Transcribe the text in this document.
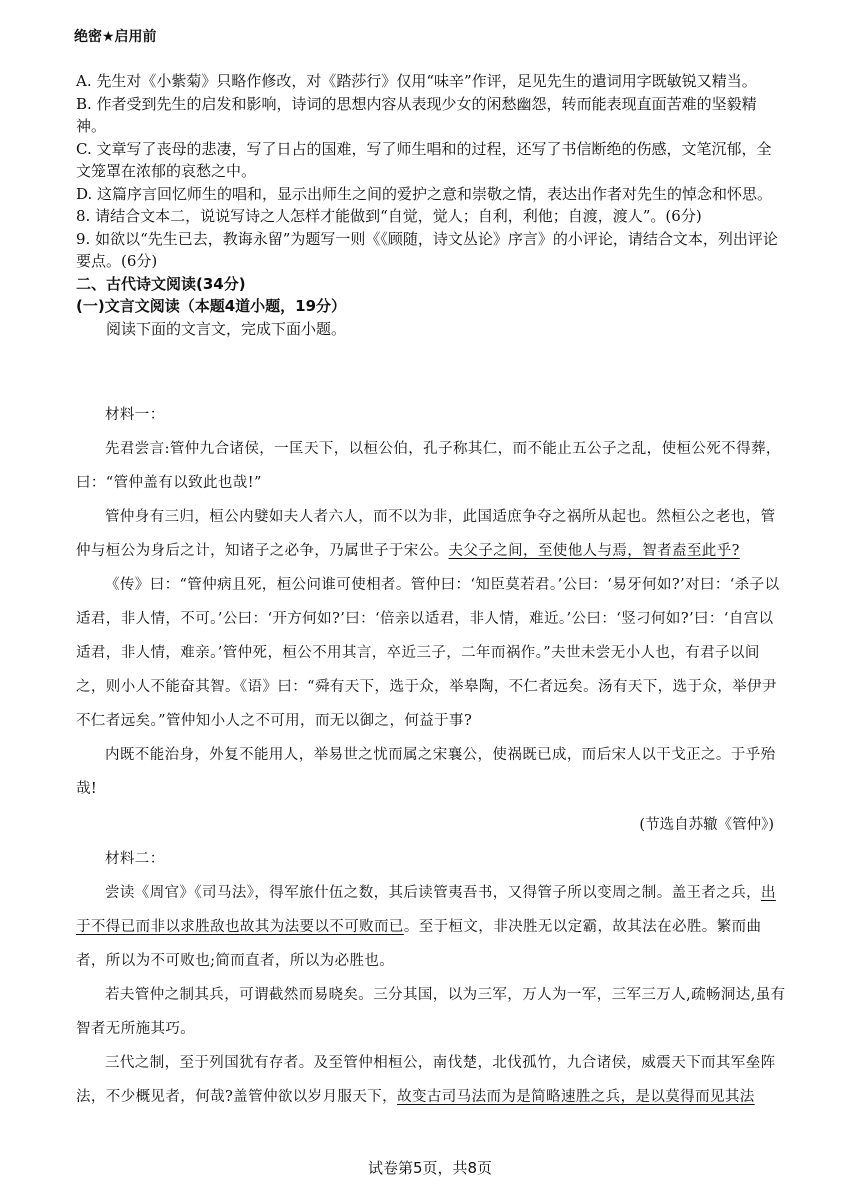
绝密★启用前

A. 先生对《小紫菊》只略作修改，对《踏莎行》仅用“味辛”作评，足见先生的遣词用字既敏锐又精当。

B. 作者受到先生的启发和影响，诗词的思想内容从表现少女的闲愁幽怨，转而能表现直面苦难的坚毅精神。

C. 文章写了丧母的悲凄，写了日占的国难，写了师生唱和的过程，还写了书信断绝的伤感，文笔沉郁，全文笼罩在浓郁的哀愁之中。

D. 这篇序言回忆师生的唱和，显示出师生之间的爱护之意和崇敬之情，表达出作者对先生的悼念和怀思。

8. 请结合文本二，说说写诗之人怎样才能做到“自觉，觉人；自利，利他；自渡，渡人”。(6分)

9. 如欲以“先生已去，教诲永留”为题写一则《《顾随，诗文丛论》序言》的小评论，请结合文本，列出评论要点。(6分)

二、古代诗文阅读(34分)

(一)文言文阅读（本题4道小题，19分）

阅读下面的文言文，完成下面小题。

材料一：

先君尝言:管仲九合诸侯，一匡天下，以桓公伯，孔子称其仁，而不能止五公子之乱，使桓公死不得葬，曰：“管仲盖有以致此也哉!”

管仲身有三归，桓公内嬖如夫人者六人，而不以为非，此国适庶争夺之祸所从起也。然桓公之老也，管仲与桓公为身后之计，知诸子之必争，乃属世子于宋公。夫父子之间，至使他人与焉，智者盍至此乎?

《传》曰：“管仲病且死，桓公问谁可使相者。管仲曰：‘知臣莫若君。’公曰：‘易牙何如?’对曰：‘杀子以适君，非人情，不可。’公曰：‘开方何如?’曰：‘倍亲以适君，非人情，难近。’公曰：‘竖刁何如?’曰：‘自宫以适君，非人情，难亲。’管仲死，桓公不用其言，卒近三子，二年而祸作。”夫世未尝无小人也，有君子以间之，则小人不能奋其智。《语》曰：“舜有天下，选于众，举皋陶，不仁者远矣。汤有天下，选于众，举伊尹不仁者远矣。”管仲知小人之不可用，而无以御之，何益于事?

内既不能治身，外复不能用人，举易世之忧而属之宋襄公，使祸既已成，而后宋人以干戈正之。于乎殆哉!

(节选自苏辙《管仲》)

材料二：

尝读《周官》《司马法》，得军旅什伍之数，其后读管夷吾书，又得管子所以变周之制。盖王者之兵，出于不得已而非以求胜敌也故其为法要以不可败而已。至于桓文，非决胜无以定霸，故其法在必胜。繁而曲者，所以为不可败也;简而直者，所以为必胜也。

若夫管仲之制其兵，可谓截然而易晓矣。三分其国，以为三军，万人为一军，三军三万人,疏畅洞达,虽有智者无所施其巧。

三代之制，至于列国犹有存者。及至管仲相桓公，南伐楚，北伐孤竹，九合诸侯，威震天下而其军垒阵法，不少概见者，何哉?盖管仲欲以岁月服天下，故变古司马法而为是简略速胜之兵，是以莫得而见其法

试卷第5页，共8页
